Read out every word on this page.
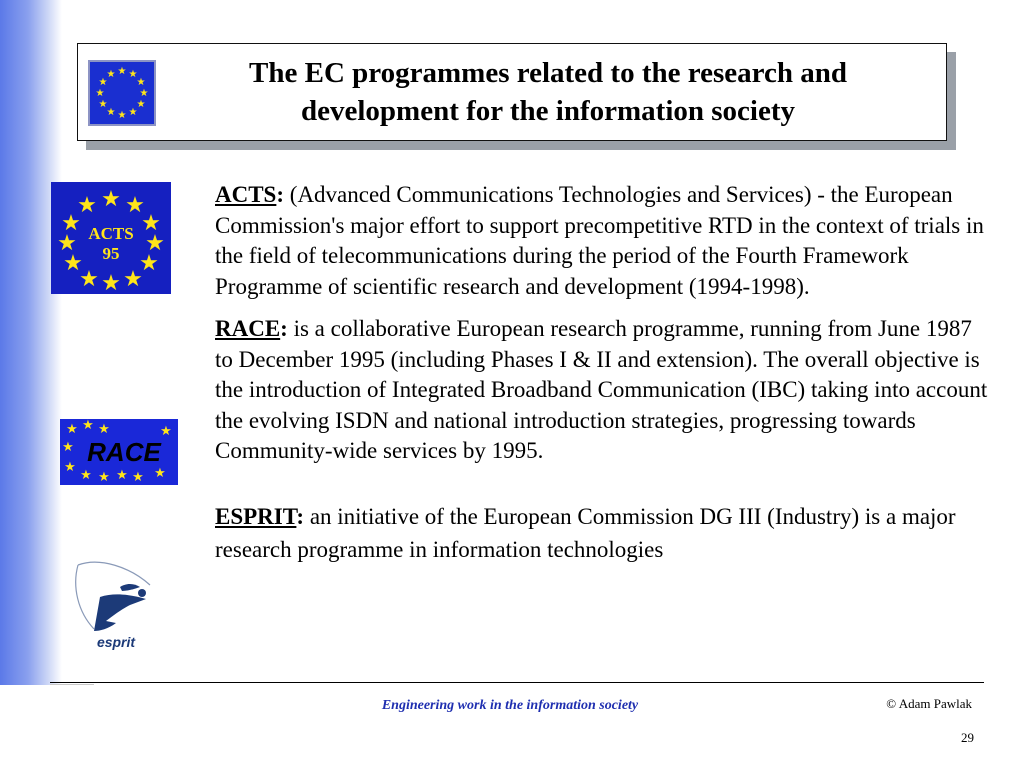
★ ★
★
★
★
★
★
★
★
★
★
★	The EC programmes related to the research and
development for the information society
★ ★
★
★
★
★
★
★
★
★
★
★
ACTS
95
★ ★ ★
★
★
★ ★ ★ ★ ★
★
RACE
esprit

ACTS: (Advanced Communications Technologies and Services) - the European Commission's major effort to support precompetitive RTD in the context of trials in the field of telecommunications during the period of the Fourth Framework Programme of scientific research and development (1994-1998).

RACE: is a collaborative European research programme, running from June 1987 to December 1995 (including Phases I & II and extension). The overall objective is the introduction of Integrated Broadband Communication (IBC) taking into account the evolving ISDN and national introduction strategies, progressing towards Community-wide services by 1995.

ESPRIT: an initiative of the European Commission DG III (Industry) is a major research programme in information technologies

Engineering work in the information society	© Adam Pawlak
29
